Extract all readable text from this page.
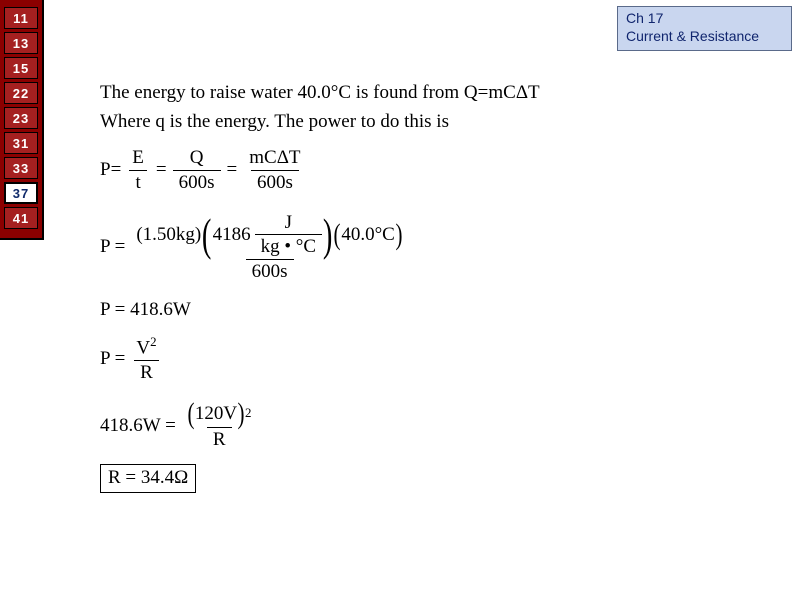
11
13
15
22
23
31
33
37
41
Ch 17
Current & Resistance
The energy to raise water 40.0°C is found from Q=mCΔT
Where q is the energy. The power to do this is
$P= \frac{E}{t} = \frac{Q}{600s} = \frac{\text{mCΔT}}{600s}$
P =
(1.50kg) ( $4186 \frac{J}{kg • ^\circ C}$ ) ( 40.0°C )
600s
P = 418.6W
$P = \frac{V^2}{R}$
$418.6W = \frac{( 120V ) 2}{R}$
R = 34.4Ω
